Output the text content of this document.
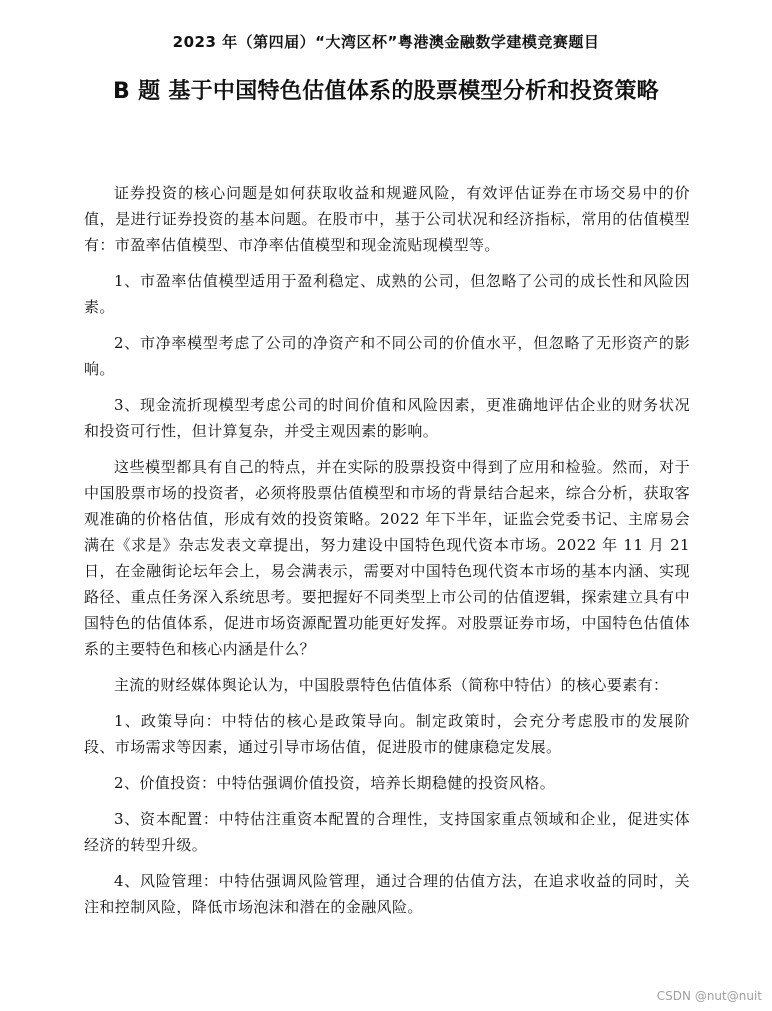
2023 年（第四届）“大湾区杯”粤港澳金融数学建模竞赛题目
B 题 基于中国特色估值体系的股票模型分析和投资策略

证券投资的核心问题是如何获取收益和规避风险，有效评估证券在市场交易中的价值，是进行证券投资的基本问题。在股市中，基于公司状况和经济指标，常用的估值模型有：市盈率估值模型、市净率估值模型和现金流贴现模型等。

1、市盈率估值模型适用于盈利稳定、成熟的公司，但忽略了公司的成长性和风险因素。

2、市净率模型考虑了公司的净资产和不同公司的价值水平，但忽略了无形资产的影响。

3、现金流折现模型考虑公司的时间价值和风险因素，更准确地评估企业的财务状况和投资可行性，但计算复杂，并受主观因素的影响。

这些模型都具有自己的特点，并在实际的股票投资中得到了应用和检验。然而，对于中国股票市场的投资者，必须将股票估值模型和市场的背景结合起来，综合分析，获取客观准确的价格估值，形成有效的投资策略。2022 年下半年，证监会党委书记、主席易会满在《求是》杂志发表文章提出，努力建设中国特色现代资本市场。2022 年 11 月 21 日，在金融街论坛年会上，易会满表示，需要对中国特色现代资本市场的基本内涵、实现路径、重点任务深入系统思考。要把握好不同类型上市公司的估值逻辑，探索建立具有中国特色的估值体系，促进市场资源配置功能更好发挥。对股票证券市场，中国特色估值体系的主要特色和核心内涵是什么？

主流的财经媒体舆论认为，中国股票特色估值体系（简称中特估）的核心要素有：

1、政策导向：中特估的核心是政策导向。制定政策时，会充分考虑股市的发展阶段、市场需求等因素，通过引导市场估值，促进股市的健康稳定发展。

2、价值投资：中特估强调价值投资，培养长期稳健的投资风格。

3、资本配置：中特估注重资本配置的合理性，支持国家重点领域和企业，促进实体经济的转型升级。

4、风险管理：中特估强调风险管理，通过合理的估值方法，在追求收益的同时，关注和控制风险，降低市场泡沫和潜在的金融风险。

CSDN @nut@nuit
